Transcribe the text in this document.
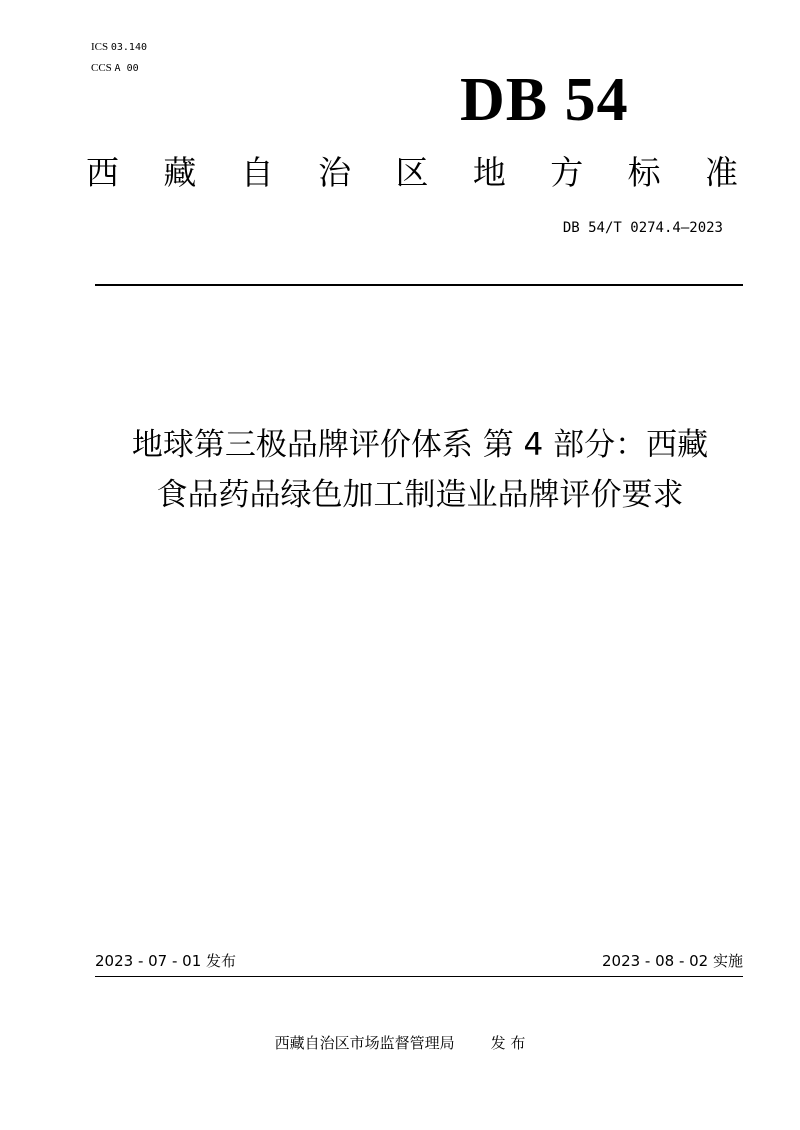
ICS 03.140
CCS A 00	DB 54
西 藏 自 治 区 地 方 标 准
DB 54/T 0274.4—2023
地球第三极品牌评价体系 第 4 部分：西藏
食品药品绿色加工制造业品牌评价要求
2023 - 07 - 01 发布	2023 - 08 - 02 实施
西藏自治区市场监督管理局 发 布
